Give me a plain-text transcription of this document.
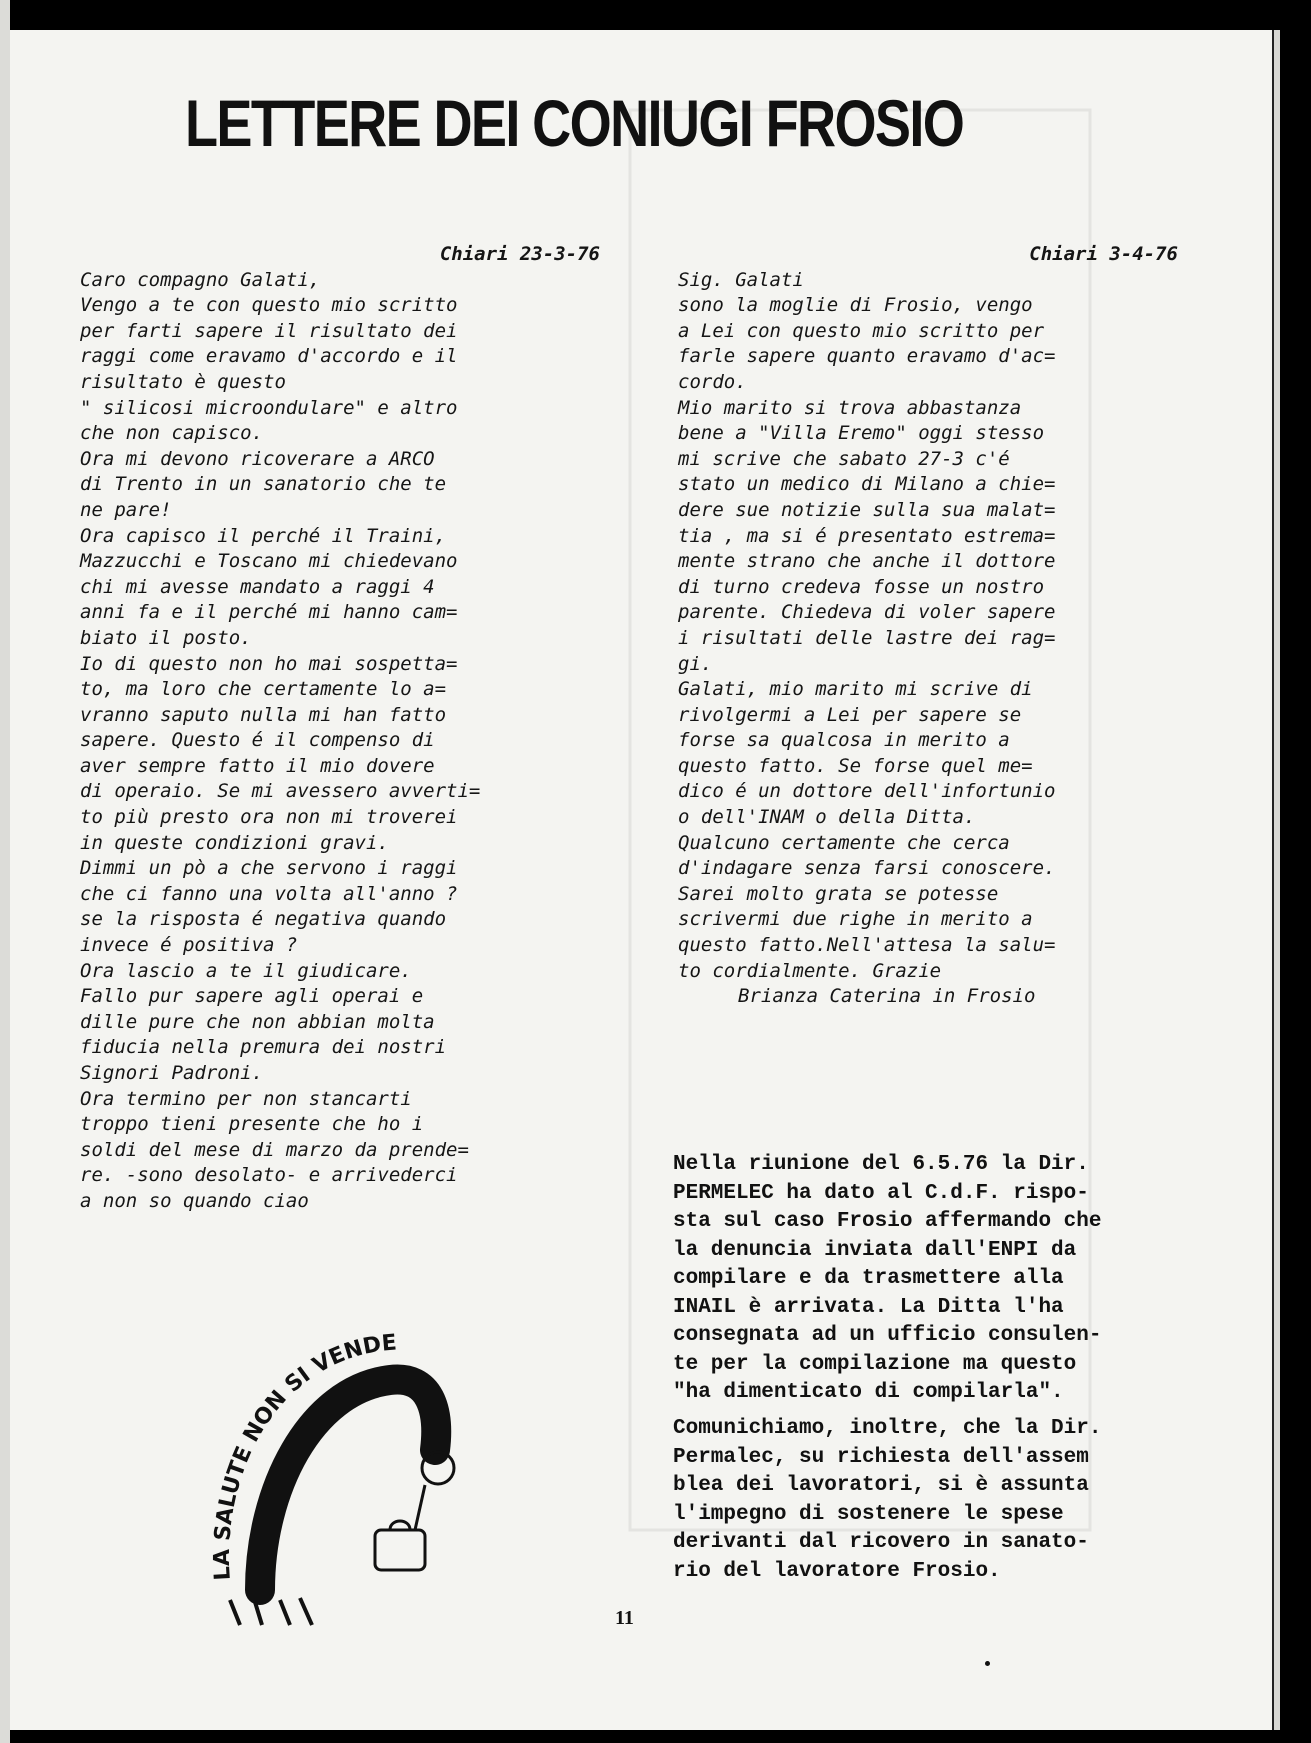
LETTERE DEI CONIUGI FROSIO
Chiari 23-3-76
Caro compagno Galati,
Vengo a te con questo mio scritto
per farti sapere il risultato dei
raggi come eravamo d'accordo e il
risultato è questo
" silicosi microondulare" e altro
che non capisco.
Ora mi devono ricoverare a ARCO
di Trento in un sanatorio che te
ne pare!
Ora capisco il perché il Traini,
Mazzucchi e Toscano mi chiedevano
chi mi avesse mandato a raggi 4
anni fa e il perché mi hanno cam=
biato il posto.
Io di questo non ho mai sospetta=
to, ma loro che certamente lo a=
vranno saputo nulla mi han fatto
sapere. Questo é il compenso di
aver sempre fatto il mio dovere
di operaio. Se mi avessero avverti=
to più presto ora non mi troverei
in queste condizioni gravi.
Dimmi un pò a che servono i raggi
che ci fanno una volta all'anno ?
se la risposta é negativa quando
invece é positiva ?
Ora lascio a te il giudicare.
Fallo pur sapere agli operai e
dille pure che non abbian molta
fiducia nella premura dei nostri
Signori Padroni.
Ora termino per non stancarti
troppo tieni presente che ho i
soldi del mese di marzo da prende=
re. -sono desolato- e arrivederci
a non so quando ciao
Chiari 3-4-76
Sig. Galati
sono la moglie di Frosio, vengo
a Lei con questo mio scritto per
farle sapere quanto eravamo d'ac=
cordo.
Mio marito si trova abbastanza
bene a "Villa Eremo" oggi stesso
mi scrive che sabato 27-3 c'é
stato un medico di Milano a chie=
dere sue notizie sulla sua malat=
tia , ma si é presentato estrema=
mente strano che anche il dottore
di turno credeva fosse un nostro
parente. Chiedeva di voler sapere
i risultati delle lastre dei rag=
gi.
Galati, mio marito mi scrive di
rivolgermi a Lei per sapere se
forse sa qualcosa in merito a
questo fatto. Se forse quel me=
dico é un dottore dell'infortunio
o dell'INAM o della Ditta.
Qualcuno certamente che cerca
d'indagare senza farsi conoscere.
Sarei molto grata se potesse
scrivermi due righe in merito a
questo fatto.Nell'attesa la salu=
to cordialmente. Grazie
Brianza Caterina in Frosio
Nella riunione del 6.5.76 la Dir.
PERMELEC ha dato al C.d.F. rispo-
sta sul caso Frosio affermando che
la denuncia inviata dall'ENPI da
compilare e da trasmettere alla
INAIL è arrivata. La Ditta l'ha
consegnata ad un ufficio consulen-
te per la compilazione ma questo
"ha dimenticato di compilarla".
Comunichiamo, inoltre, che la Dir.
Permalec, su richiesta dell'assem
blea dei lavoratori, si è assunta
l'impegno di sostenere le spese
derivanti dal ricovero in sanato-
rio del lavoratore Frosio.
LA SALUTE NON SI VENDE
11
